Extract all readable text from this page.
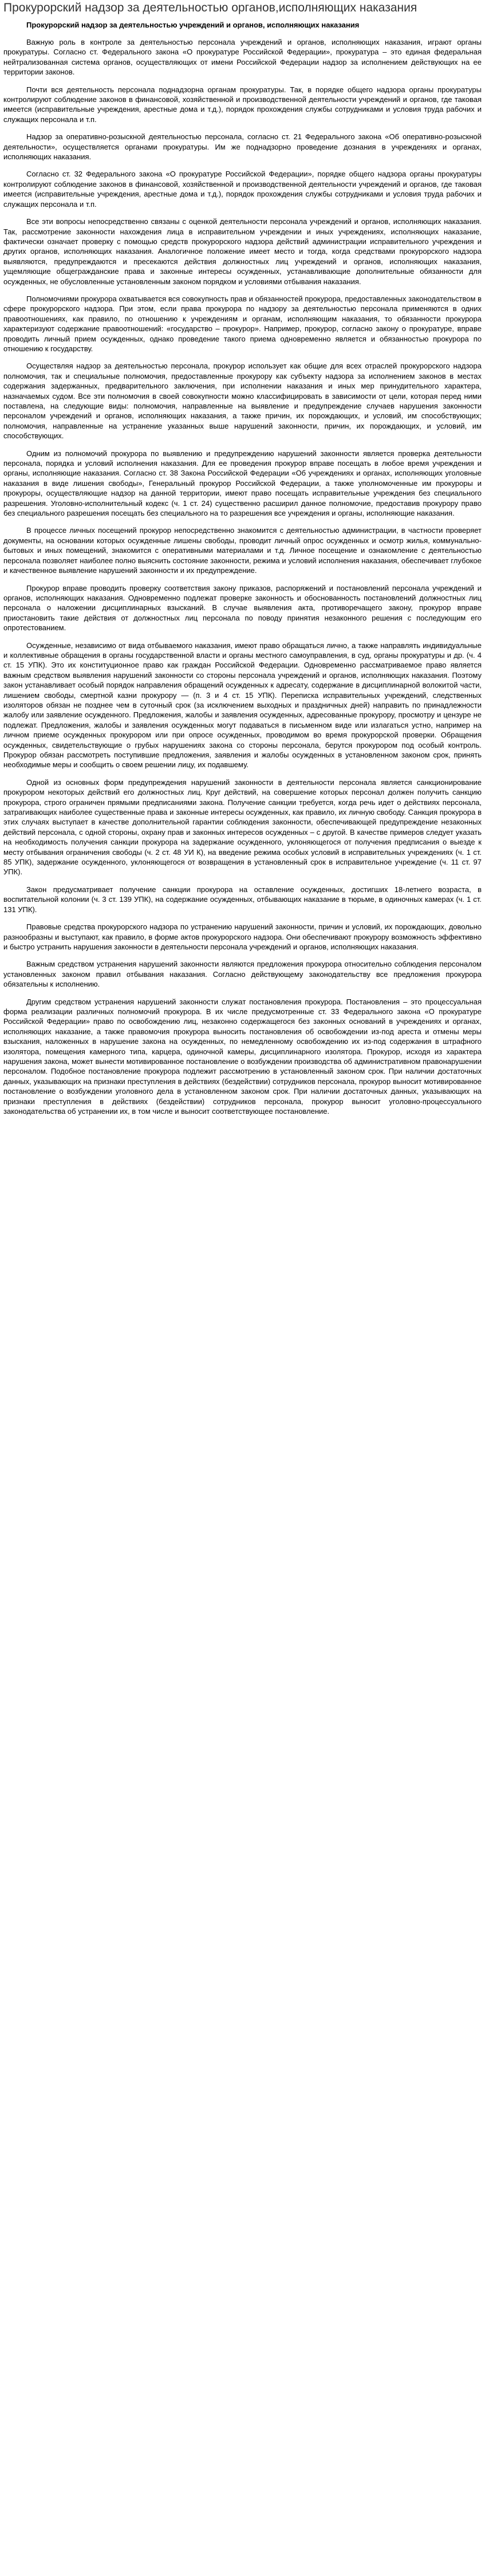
Прокурорский надзор за деятельностью органов,исполняющих наказания
Прокурорский надзор за деятельностью учреждений и органов, исполняющих наказания

Важную роль в контроле за деятельностью персонала учреждений и органов, исполняющих наказания, играют органы прокуратуры. Согласно ст. Федерального закона «О прокуратуре Российской Федерации», прокуратура – это единая федеральная нейтрализованная система органов, осуществляющих от имени Российской Федерации надзор за исполнением действующих на ее территории законов.

Почти вся деятельность персонала поднадзорна органам прокуратуры. Так, в порядке общего надзора органы прокуратуры контролируют соблюдение законов в финансовой, хозяйственной и производственной деятельности учреждений и органов, где таковая имеется (исправительные учреждения, арестные дома и т.д.), порядок прохождения службы сотрудниками и условия труда рабочих и служащих персонала и т.п.

Надзор за оперативно-розыскной деятельностью персонала, согласно ст. 21 Федерального закона «Об оперативно-розыскной деятельности», осуществляется органами прокуратуры. Им же поднадзорно проведение дознания в учреждениях и органах, исполняющих наказания.

Согласно ст. 32 Федерального закона «О прокуратуре Российской Федерации», порядке общего надзора органы прокуратуры контролируют соблюдение законов в финансовой, хозяйственной и производственной деятельности учреждений и органов, где таковая имеется (исправительные учреждения, арестные дома и т.д.), порядок прохождения службы сотрудниками и условия труда рабочих и служащих персонала и т.п.

Все эти вопросы непосредственно связаны с оценкой деятельности персонала учреждений и органов, исполняющих наказания. Так, рассмотрение законности нахождения лица в исправительном учреждении и иных учреждениях, исполняющих наказание, фактически означает проверку с помощью средств прокурорского надзора действий администрации исправительного учреждения и других органов, исполняющих наказания. Аналогичное положение имеет место и тогда, когда средствами прокурорского надзора выявляются, предупреждаются и пресекаются действия должностных лиц учреждений и органов, исполняющих наказания, ущемляющие общегражданские права и законные интересы осужденных, устанавливающие дополнительные обязанности для осужденных, не обусловленные установленным законом порядком и условиями отбывания наказания.

Полномочиями прокурора охватывается вся совокупность прав и обязанностей прокурора, предоставленных законодательством в сфере прокурорского надзора. При этом, если права прокурора по надзору за деятельностью персонала применяются в одних правоотношениях, как правило, по отношению к учреждениям и органам, исполняющим наказания, то обязанности прокурора характеризуют содержание правоотношений: «государство – прокурор». Например, прокурор, согласно закону о прокуратуре, вправе проводить личный прием осужденных, однако проведение такого приема одновременно является и обязанностью прокурора по отношению к государству.

Осуществляя надзор за деятельностью персонала, прокурор использует как общие для всех отраслей прокурорского надзора полномочия, так и специальные полномочия, предоставленные прокурору как субъекту надзора за исполнением законов в местах содержания задержанных, предварительного заключения, при исполнении наказания и иных мер принудительного характера, назначаемых судом. Все эти полномочия в своей совокупности можно классифицировать в зависимости от цели, которая перед ними поставлена, на следующие виды: полномочия, направленные на выявление и предупреждение случаев нарушения законности персоналом учреждений и органов, исполняющих наказания, а также причин, их порождающих, и условий, им способствующих; полномочия, направленные на устранение указанных выше нарушений законности, причин, их порождающих, и условий, им способствующих.

Одним из полномочий прокурора по выявлению и предупреждению нарушений законности является проверка деятельности персонала, порядка и условий исполнения наказания. Для ее проведения прокурор вправе посещать в любое время учреждения и органы, исполняющие наказания. Согласно ст. 38 Закона Российской Федерации «Об учреждениях и органах, исполняющих уголовные наказания в виде лишения свободы», Генеральный прокурор Российской Федерации, а также уполномоченные им прокуроры и прокуроры, осуществляющие надзор на данной территории, имеют право посещать исправительные учреждения без специального разрешения. Уголовно-исполнительный кодекс (ч. 1 ст. 24) существенно расширил данное полномочие, предоставив прокурору право без специального разрешения посещать без специального на то разрешения все учреждения и органы, исполняющие наказания.

В процессе личных посещений прокурор непосредственно знакомится с деятельностью администрации, в частности проверяет документы, на основании которых осужденные лишены свободы, проводит личный опрос осужденных и осмотр жилья, коммунально-бытовых и иных помещений, знакомится с оперативными материалами и т.д. Личное посещение и ознакомление с деятельностью персонала позволяет наиболее полно выяснить состояние законности, режима и условий исполнения наказания, обеспечивает глубокое и качественное выявление нарушений законности и их предупреждение.

Прокурор вправе проводить проверку соответствия закону приказов, распоряжений и постановлений персонала учреждений и органов, исполняющих наказания. Одновременно подлежат проверке законность и обоснованность постановлений должностных лиц персонала о наложении дисциплинарных взысканий. В случае выявления акта, противоречащего закону, прокурор вправе приостановить такие действия от должностных лиц персонала по поводу принятия незаконного решения с последующим его опротестованием.

Осужденные, независимо от вида отбываемого наказания, имеют право обращаться лично, а также направлять индивидуальные и коллективные обращения в органы государственной власти и органы местного самоуправления, в суд, органы прокуратуры и др. (ч. 4 ст. 15 УПК). Это их конституционное право как граждан Российской Федерации. Одновременно рассматриваемое право является важным средством выявления нарушений законности со стороны персонала учреждений и органов, исполняющих наказания. Поэтому закон устанавливает особый порядок направления обращений осужденных к адресату, содержание в дисциплинарной волокитой части, лишением свободы, смертной казни прокурору — (п. 3 и 4 ст. 15 УПК). Переписка исправительных учреждений, следственных изоляторов обязан не позднее чем в суточный срок (за исключением выходных и праздничных дней) направить по принадлежности жалобу или заявление осужденного. Предложения, жалобы и заявления осужденных, адресованные прокурору, просмотру и цензуре не подлежат. Предложения, жалобы и заявления осужденных могут подаваться в письменном виде или излагаться устно, например на личном приеме осужденных прокурором или при опросе осужденных, проводимом во время прокурорской проверки. Обращения осужденных, свидетельствующие о грубых нарушениях закона со стороны персонала, берутся прокурором под особый контроль. Прокурор обязан рассмотреть поступившие предложения, заявления и жалобы осужденных в установленном законом срок, принять необходимые меры и сообщить о своем решении лицу, их подавшему.

Одной из основных форм предупреждения нарушений законности в деятельности персонала является санкционирование прокурором некоторых действий его должностных лиц. Круг действий, на совершение которых персонал должен получить санкцию прокурора, строго ограничен прямыми предписаниями закона. Получение санкции требуется, когда речь идет о действиях персонала, затрагивающих наиболее существенные права и законные интересы осужденных, как правило, их личную свободу. Санкция прокурора в этих случаях выступает в качестве дополнительной гарантии соблюдения законности, обеспечивающей предупреждение незаконных действий персонала, с одной стороны, охрану прав и законных интересов осужденных – с другой. В качестве примеров следует указать на необходимость получения санкции прокурора на задержание осужденного, уклоняющегося от получения предписания о выезде к месту отбывания ограничения свободы (ч. 2 ст. 48 УИ К), на введение режима особых условий в исправительных учреждениях (ч. 1 ст. 85 УПК), задержание осужденного, уклоняющегося от возвращения в установленный срок в исправительное учреждение (ч. 11 ст. 97 УПК).

Закон предусматривает получение санкции прокурора на оставление осужденных, достигших 18-летнего возраста, в воспитательной колонии (ч. 3 ст. 139 УПК), на содержание осужденных, отбывающих наказание в тюрьме, в одиночных камерах (ч. 1 ст. 131 УПК).

Правовые средства прокурорского надзора по устранению нарушений законности, причин и условий, их порождающих, довольно разнообразны и выступают, как правило, в форме актов прокурорского надзора. Они обеспечивают прокурору возможность эффективно и быстро устранить нарушения законности в деятельности персонала учреждений и органов, исполняющих наказания.

Важным средством устранения нарушений законности являются предложения прокурора относительно соблюдения персоналом установленных законом правил отбывания наказания. Согласно действующему законодательству все предложения прокурора обязательны к исполнению.

Другим средством устранения нарушений законности служат постановления прокурора. Постановления – это процессуальная форма реализации различных полномочий прокурора. В их числе предусмотренные ст. 33 Федерального закона «О прокуратуре Российской Федерации» право по освобождению лиц, незаконно содержащегося без законных оснований в учреждениях и органах, исполняющих наказание, а также правомочия прокурора выносить постановления об освобождении из-под ареста и отмены меры взыскания, наложенных в нарушение закона на осужденных, по немедленному освобождению их из-под содержания в штрафного изолятора, помещения камерного типа, карцера, одиночной камеры, дисциплинарного изолятора. Прокурор, исходя из характера нарушения закона, может вынести мотивированное постановление о возбуждении производства об административном правонарушении персоналом. Подобное постановление прокурора подлежит рассмотрению в установленный законом срок. При наличии достаточных данных, указывающих на признаки преступления в действиях (бездействии) сотрудников персонала, прокурор выносит мотивированное постановление о возбуждении уголовного дела в установленном законом срок. При наличии достаточных данных, указывающих на признаки преступления в действиях (бездействии) сотрудников персонала, прокурор выносит уголовно-процессуального законодательства об устранении их, в том числе и выносит соответствующее постановление.
